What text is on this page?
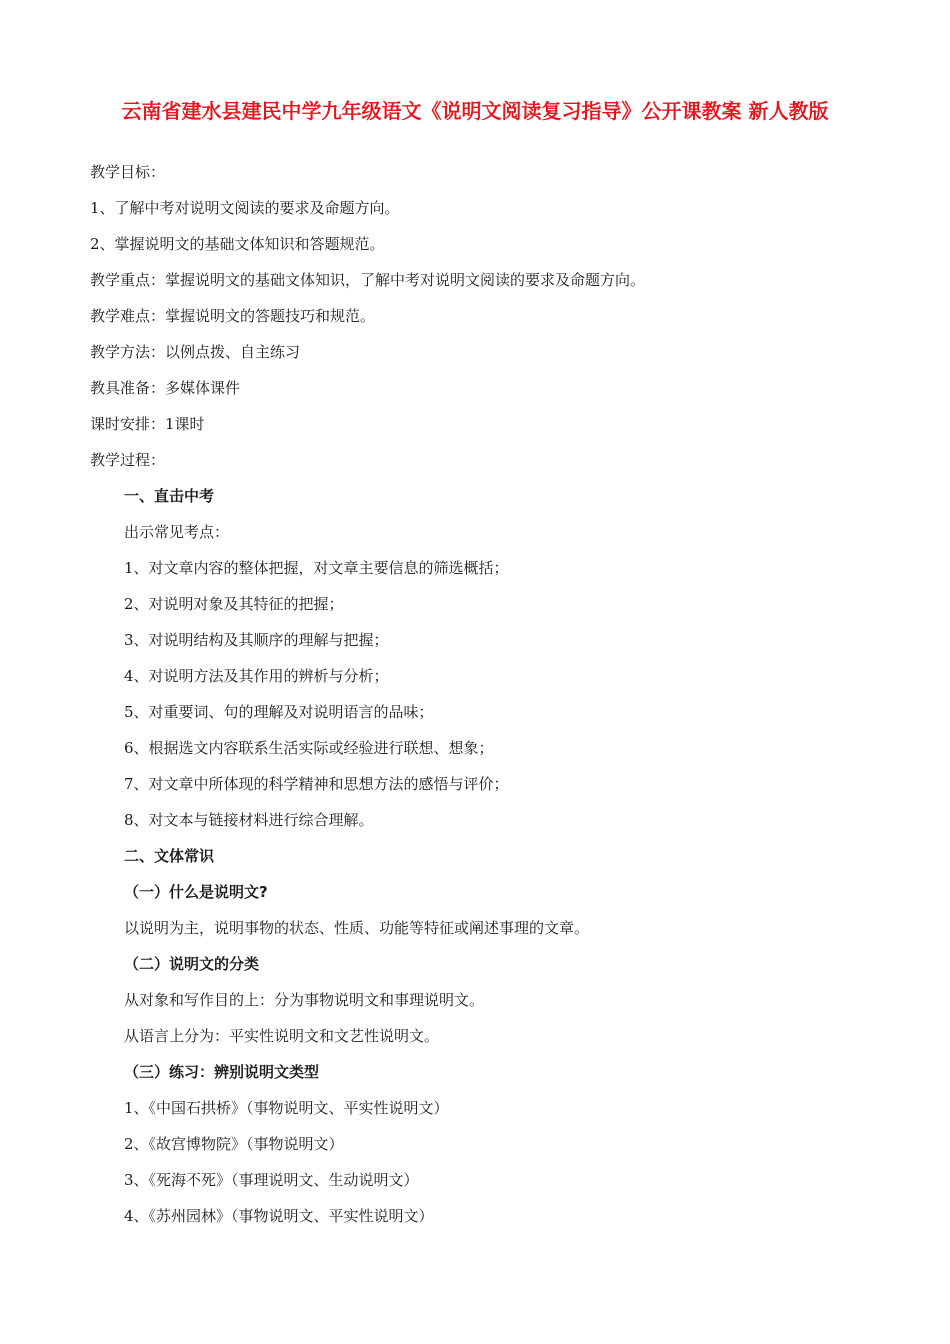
云南省建水县建民中学九年级语文《说明文阅读复习指导》公开课教案 新人教版
教学目标：
1、了解中考对说明文阅读的要求及命题方向。
2、掌握说明文的基础文体知识和答题规范。
教学重点：掌握说明文的基础文体知识，了解中考对说明文阅读的要求及命题方向。
教学难点：掌握说明文的答题技巧和规范。
教学方法：以例点拨、自主练习
教具准备：多媒体课件
课时安排：1课时
教学过程：
一、直击中考
出示常见考点：
1、对文章内容的整体把握，对文章主要信息的筛选概括；
2、对说明对象及其特征的把握；
3、对说明结构及其顺序的理解与把握；
4、对说明方法及其作用的辨析与分析；
5、对重要词、句的理解及对说明语言的品味；
6、根据选文内容联系生活实际或经验进行联想、想象；
7、对文章中所体现的科学精神和思想方法的感悟与评价；
8、对文本与链接材料进行综合理解。
二、文体常识
（一）什么是说明文?
以说明为主，说明事物的状态、性质、功能等特征或阐述事理的文章。
（二）说明文的分类
从对象和写作目的上：分为事物说明文和事理说明文。
从语言上分为：平实性说明文和文艺性说明文。
（三）练习：辨别说明文类型
1、《中国石拱桥》（事物说明文、平实性说明文）
2、《故宫博物院》（事物说明文）
3、《死海不死》（事理说明文、生动说明文）
4、《苏州园林》（事物说明文、平实性说明文）
